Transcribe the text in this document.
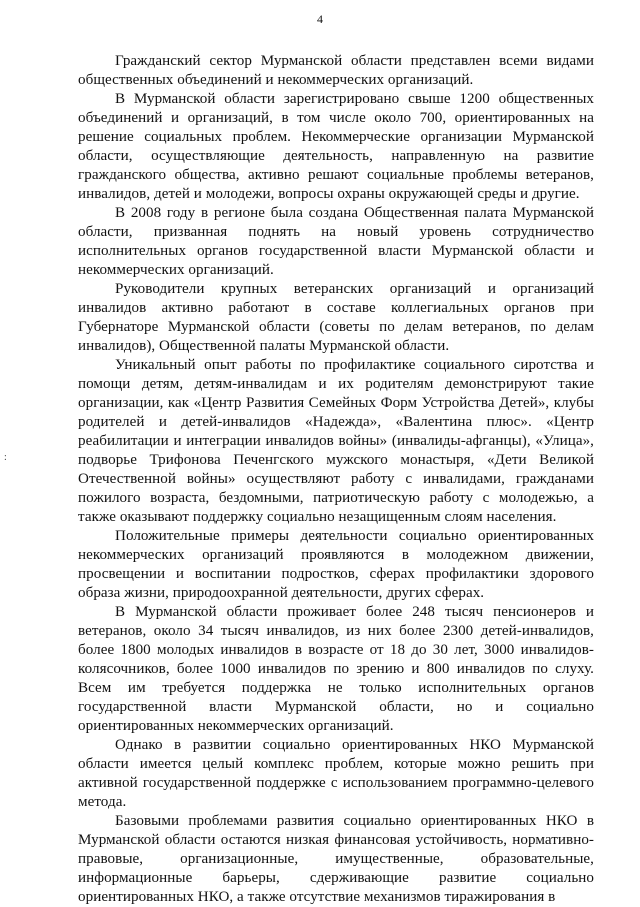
4
:

Гражданский сектор Мурманской области представлен всеми видами общественных объединений и некоммерческих организаций.

В Мурманской области зарегистрировано свыше 1200 общественных объединений и организаций, в том числе около 700, ориентированных на решение социальных проблем. Некоммерческие организации Мурманской области, осуществляющие деятельность, направленную на развитие гражданского общества, активно решают социальные проблемы ветеранов, инвалидов, детей и молодежи, вопросы охраны окружающей среды и другие.

В 2008 году в регионе была создана Общественная палата Мурманской области, призванная поднять на новый уровень сотрудничество исполнительных органов государственной власти Мурманской области и некоммерческих организаций.

Руководители крупных ветеранских организаций и организаций инвалидов активно работают в составе коллегиальных органов при Губернаторе Мурманской области (советы по делам ветеранов, по делам инвалидов), Общественной палаты Мурманской области.

Уникальный опыт работы по профилактике социального сиротства и помощи детям, детям-инвалидам и их родителям демонстрируют такие организации, как «Центр Развития Семейных Форм Устройства Детей», клубы родителей и детей-инвалидов «Надежда», «Валентина плюс». «Центр реабилитации и интеграции инвалидов войны» (инвалиды-афганцы), «Улица», подворье Трифонова Печенгского мужского монастыря, «Дети Великой Отечественной войны» осуществляют работу с инвалидами, гражданами пожилого возраста, бездомными, патриотическую работу с молодежью, а также оказывают поддержку социально незащищенным слоям населения.

Положительные примеры деятельности социально ориентированных некоммерческих организаций проявляются в молодежном движении, просвещении и воспитании подростков, сферах профилактики здорового образа жизни, природоохранной деятельности, других сферах.

В Мурманской области проживает более 248 тысяч пенсионеров и ветеранов, около 34 тысяч инвалидов, из них более 2300 детей-инвалидов, более 1800 молодых инвалидов в возрасте от 18 до 30 лет, 3000 инвалидов-колясочников, более 1000 инвалидов по зрению и 800 инвалидов по слуху. Всем им требуется поддержка не только исполнительных органов государственной власти Мурманской области, но и социально ориентированных некоммерческих организаций.

Однако в развитии социально ориентированных НКО Мурманской области имеется целый комплекс проблем, которые можно решить при активной государственной поддержке с использованием программно-целевого метода.

Базовыми проблемами развития социально ориентированных НКО в Мурманской области остаются низкая финансовая устойчивость, нормативно-правовые, организационные, имущественные, образовательные, информационные барьеры, сдерживающие развитие социально ориентированных НКО, а также отсутствие механизмов тиражирования в
